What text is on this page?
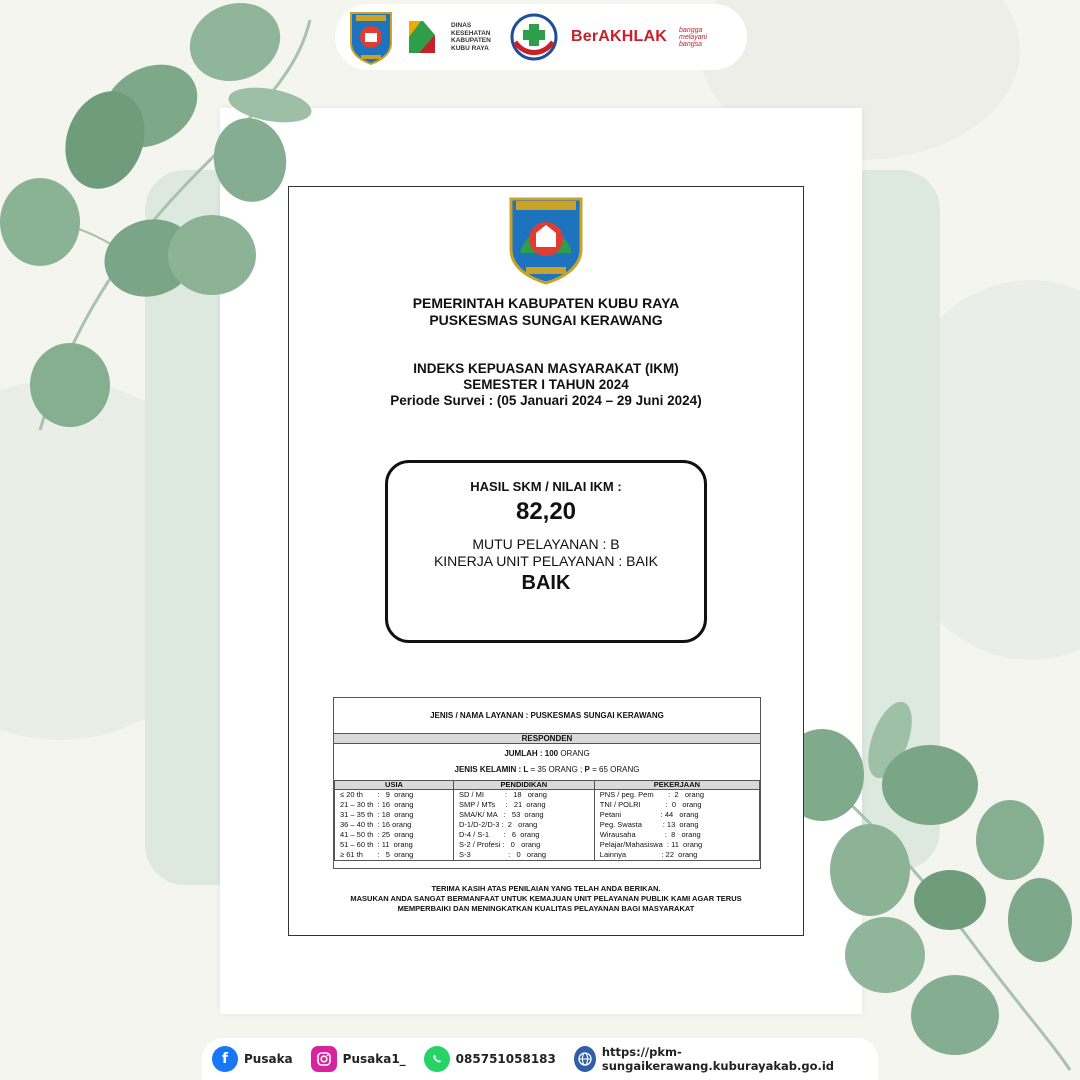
DINAS KESEHATAN KABUPATEN KUBU RAYA
BerAKHLAK bangga melayani bangsa
PEMERINTAH KABUPATEN KUBU RAYA
PUSKESMAS SUNGAI KERAWANG
INDEKS KEPUASAN MASYARAKAT (IKM)
SEMESTER I TAHUN 2024
Periode Survei : (05 Januari 2024 – 29 Juni 2024)
HASIL SKM / NILAI IKM :
82,20
MUTU PELAYANAN : B
KINERJA UNIT PELAYANAN : BAIK
BAIK
JENIS / NAMA LAYANAN : PUSKESMAS SUNGAI KERAWANG
RESPONDEN
JUMLAH : 100 ORANG
JENIS KELAMIN : L = 35 ORANG ; P = 65 ORANG
USIA	PENDIDIKAN	PEKERJAAN
≤ 20 th       :   9  orang	SD / MI          :   18   orang	PNS / peg. Pem       :  2   orang
21 – 30 th  : 16  orang	SMP / MTs     :   21  orang	TNI / POLRI            :  0   orang
31 – 35 th  : 18  orang	SMA/K/ MA   :   53  orang	Petani                   : 44   orang
36 – 40 th  : 16 orang	D-1/D-2/D-3 :  2   orang	Peg. Swasta          : 13  orang
41 – 50 th  : 25  orang	D-4 / S-1       :   6  orang	Wirausaha              :  8   orang
51 – 60 th  : 11  orang	S-2 / Profesi :   0   orang	Pelajar/Mahasiswa  : 11  orang
≥ 61 th       :   5  orang	S-3                  :   0   orang	Lainnya                 : 22  orang
TERIMA KASIH ATAS PENILAIAN YANG TELAH ANDA BERIKAN.
MASUKAN ANDA SANGAT BERMANFAAT UNTUK KEMAJUAN UNIT PELAYANAN PUBLIK KAMI AGAR TERUS
MEMPERBAIKI DAN MENINGKATKAN KUALITAS PELAYANAN BAGI MASYARAKAT
f	Pusaka	Pusaka1_	085751058183	https://pkm-sungaikerawang.kuburayakab.go.id
